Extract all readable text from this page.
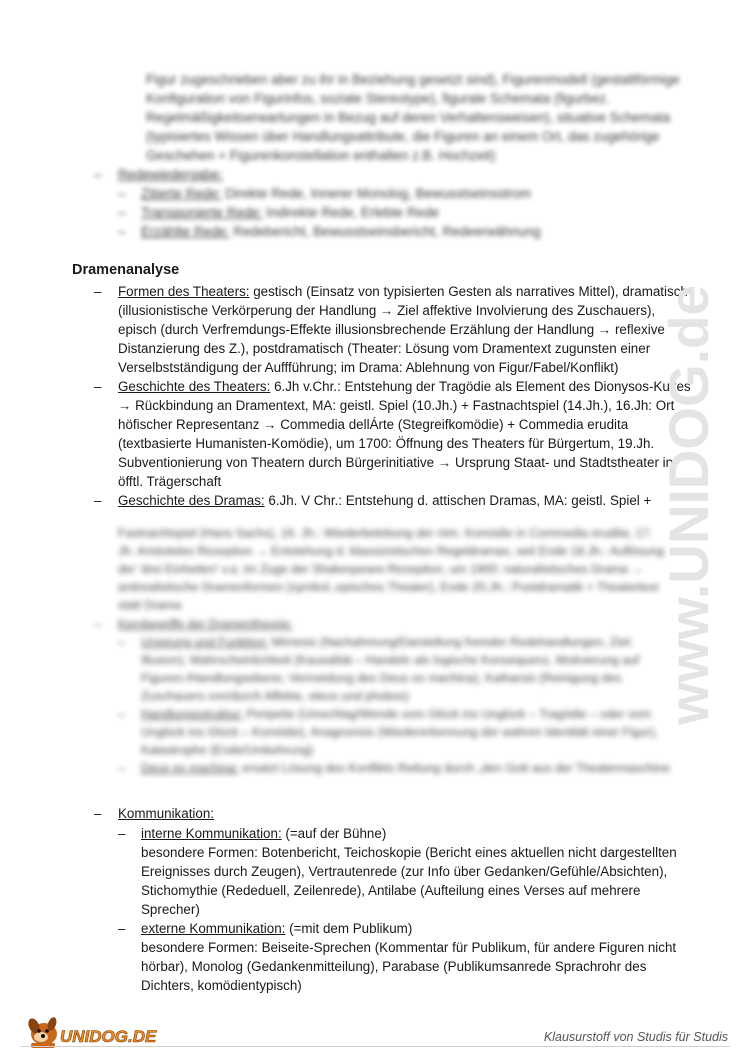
Figur zugeschrieben aber zu ihr in Beziehung gesetzt sind), Figurenmodell (gestaltförmige Konfiguration von Figurinfos, soziale Stereotype), figurale Schemata (figurbez. Regelmäßigkeitserwartungen in Bezug auf deren Verhaltensweisen), situative Schemata (typisiertes Wissen über Handlungsattribute, die Figuren an einem Ort, das zugehörige Geschehen + Figurenkonstellation enthalten z.B. Hochzeit)
– Redewiedergabe:
– Zitierte Rede: Direkte Rede, Innerer Monolog, Bewusstseinsstrom
– Transponierte Rede: Indirekte Rede, Erlebte Rede
– Erzählte Rede: Redebericht, Bewusstseinsbericht, Redeerwähnung
Dramenanalyse
– Formen des Theaters: gestisch (Einsatz von typisierten Gesten als narratives Mittel), dramatisch (illusionistische Verkörperung der Handlung → Ziel affektive Involvierung des Zuschauers), episch (durch Verfremdungs-Effekte illusionsbrechende Erzählung der Handlung → reflexive Distanzierung des Z.), postdramatisch (Theater: Lösung vom Dramentext zugunsten einer Verselbstständigung der Auffführung; im Drama: Ablehnung von Figur/Fabel/Konflikt)
– Geschichte des Theaters: 6.Jh v.Chr.: Entstehung der Tragödie als Element des Dionysos-Kultes → Rückbindung an Dramentext, MA: geistl. Spiel (10.Jh.) + Fastnachtspiel (14.Jh.), 16.Jh: Ort höfischer Representanz → Commedia dellÁrte (Stegreifkomödie) + Commedia erudita (textbasierte Humanisten-Komödie), um 1700: Öffnung des Theaters für Bürgertum, 19.Jh. Subventionierung von Theatern durch Bürgerinitiative → Ursprung Staat- und Stadtstheater in öfftl. Trägerschaft
– Geschichte des Dramas: 6.Jh. V Chr.: Entstehung d. attischen Dramas, MA: geistl. Spiel +
Fastnachtspiel (Hans Sachs), 16. Jh.: Wiederbelebung der röm. Komödie in Commedia erudita, 17. Jh. Aristoteles Rezeption → Entstehung d. klassizistischen Regeldramas, seit Ende 18.Jh.: Auflösung der 'drei Einheiten' v.a. im Zuge der Shakespeare-Rezeption, um 1900: naturalistisches Drama → antirealistische Dramenformen (symbol.,episches Theater), Ende 20.Jh.: Postdramatik + Theatertext statt Drama
– Kernbegriffe der Dramentheorie:
– Ursprung und Funktion: Mimesis (Nachahmung/Darstellung fremder Redehandlungen, Ziel: Illusion), Wahrscheinlichkeit (Kausalität – Handeln als logische Konsequenz, Motivierung auf Figuren-/Handlungsebene, Vermeidung des Deus ex machina), Katharsis (Reinigung des Zuschauers von/durch Affekte, eleos und phobos)
– Handlungsstruktur: Peripetie (Umschlag/Wende vom Glück ins Unglück – Tragödie – oder vom Unglück ins Glück – Komödie), Anagnorisis (Wiedererkennung der wahren Identität einer Figur), Katastrophe (Ende/Umkehrung)
– Deus ex machina: ersatzt Lösung des Konflikts Rettung durch „den Gott aus der Theatermaschine
– Kommunikation:
– interne Kommunikation: (=auf der Bühne)
besondere Formen: Botenbericht, Teichoskopie (Bericht eines aktuellen nicht dargestellten Ereignisses durch Zeugen), Vertrautenrede (zur Info über Gedanken/Gefühle/Absichten), Stichomythie (Rededuell, Zeilenrede), Antilabe (Aufteilung eines Verses auf mehrere Sprecher)
– externe Kommunikation: (=mit dem Publikum)
besondere Formen: Beiseite-Sprechen (Kommentar für Publikum, für andere Figuren nicht hörbar), Monolog (Gedankenmitteilung), Parabase (Publikumsanrede Sprachrohr des Dichters, komödientypisch)
www.UNIDOG.de
UNIDOG.DE	Klausurstoff von Studis für Studis
